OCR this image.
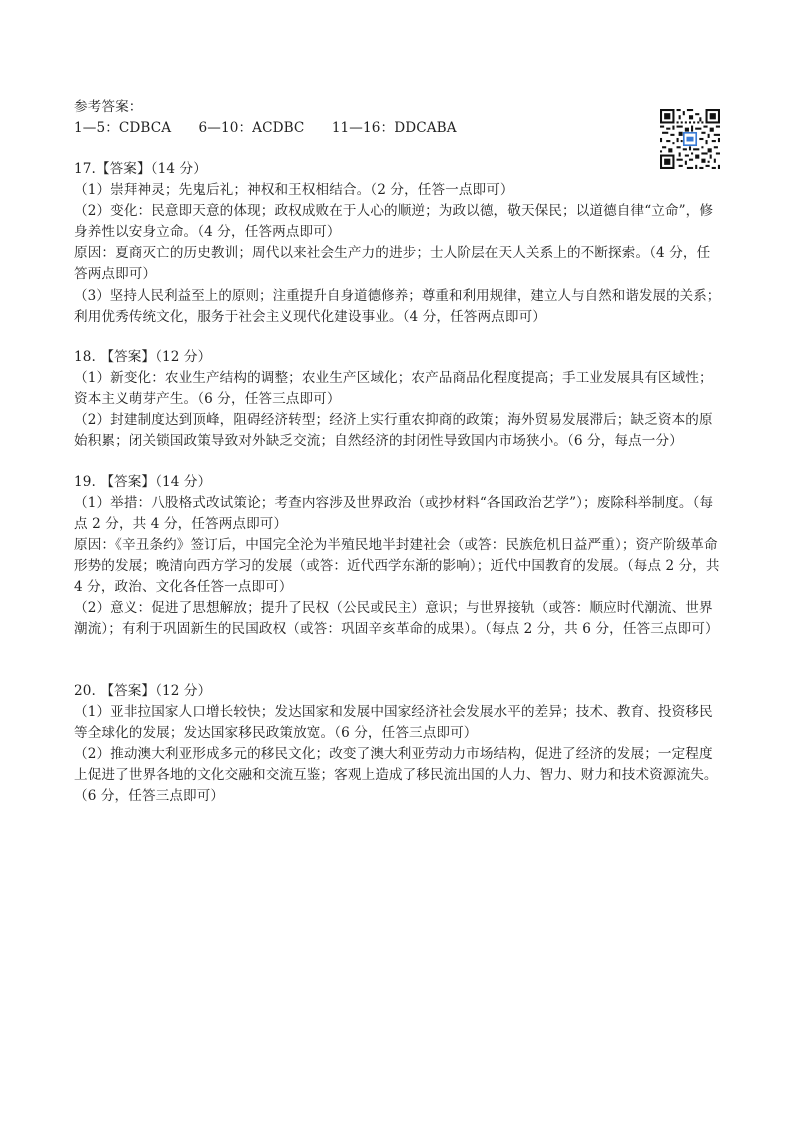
参考答案：
1—5：CDBCA　　6—10：ACDBC　　11—16：DDCABA
17.【答案】（14 分）
（1）崇拜神灵；先鬼后礼；神权和王权相结合。（2 分，任答一点即可）
（2）变化：民意即天意的体现；政权成败在于人心的顺逆；为政以德，敬天保民；以道德自律“立命”，修
身养性以安身立命。（4 分，任答两点即可）
原因：夏商灭亡的历史教训；周代以来社会生产力的进步；士人阶层在天人关系上的不断探索。（4 分，任
答两点即可）
（3）坚持人民利益至上的原则；注重提升自身道德修养；尊重和利用规律，建立人与自然和谐发展的关系；
利用优秀传统文化，服务于社会主义现代化建设事业。（4 分，任答两点即可）
18. 【答案】（12 分）
（1）新变化：农业生产结构的调整；农业生产区域化；农产品商品化程度提高；手工业发展具有区域性；
资本主义萌芽产生。（6 分，任答三点即可）
（2）封建制度达到顶峰，阻碍经济转型；经济上实行重农抑商的政策；海外贸易发展滞后；缺乏资本的原
始积累；闭关锁国政策导致对外缺乏交流；自然经济的封闭性导致国内市场狭小。（6 分，每点一分）
19. 【答案】（14 分）
（1）举措：八股格式改试策论；考查内容涉及世界政治（或抄材料“各国政治艺学”）；废除科举制度。（每
点 2 分，共 4 分，任答两点即可）
原因：《辛丑条约》签订后，中国完全沦为半殖民地半封建社会（或答：民族危机日益严重）；资产阶级革命
形势的发展；晚清向西方学习的发展（或答：近代西学东渐的影响）；近代中国教育的发展。（每点 2 分，共
4 分，政治、文化各任答一点即可）
（2）意义：促进了思想解放；提升了民权（公民或民主）意识；与世界接轨（或答：顺应时代潮流、世界
潮流）；有利于巩固新生的民国政权（或答：巩固辛亥革命的成果）。（每点 2 分，共 6 分，任答三点即可）
20. 【答案】（12 分）
（1）亚非拉国家人口增长较快；发达国家和发展中国家经济社会发展水平的差异；技术、教育、投资移民
等全球化的发展；发达国家移民政策放宽。（6 分，任答三点即可）
（2）推动澳大利亚形成多元的移民文化；改变了澳大利亚劳动力市场结构，促进了经济的发展；一定程度
上促进了世界各地的文化交融和交流互鉴；客观上造成了移民流出国的人力、智力、财力和技术资源流失。
（6 分，任答三点即可）
